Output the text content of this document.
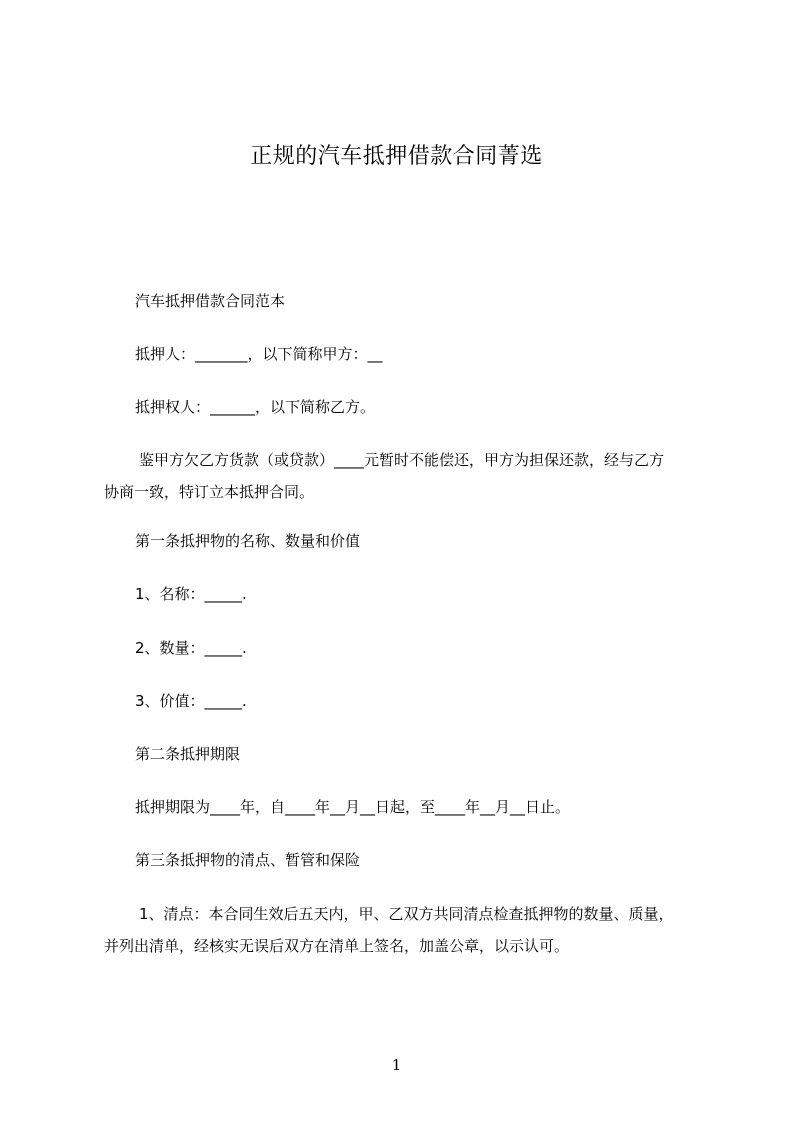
正规的汽车抵押借款合同菁选
汽车抵押借款合同范本
抵押人：_______，以下简称甲方：__
抵押权人：______，以下简称乙方。
鉴甲方欠乙方货款（或贷款）____元暂时不能偿还，甲方为担保还款，经与乙方
协商一致，特订立本抵押合同。
第一条抵押物的名称、数量和价值
1、名称：_____.
2、数量：_____.
3、价值：_____.
第二条抵押期限
抵押期限为____年，自____年__月__日起，至____年__月__日止。
第三条抵押物的清点、暂管和保险
1、清点：本合同生效后五天内，甲、乙双方共同清点检查抵押物的数量、质量，
并列出清单，经核实无误后双方在清单上签名，加盖公章，以示认可。
1
